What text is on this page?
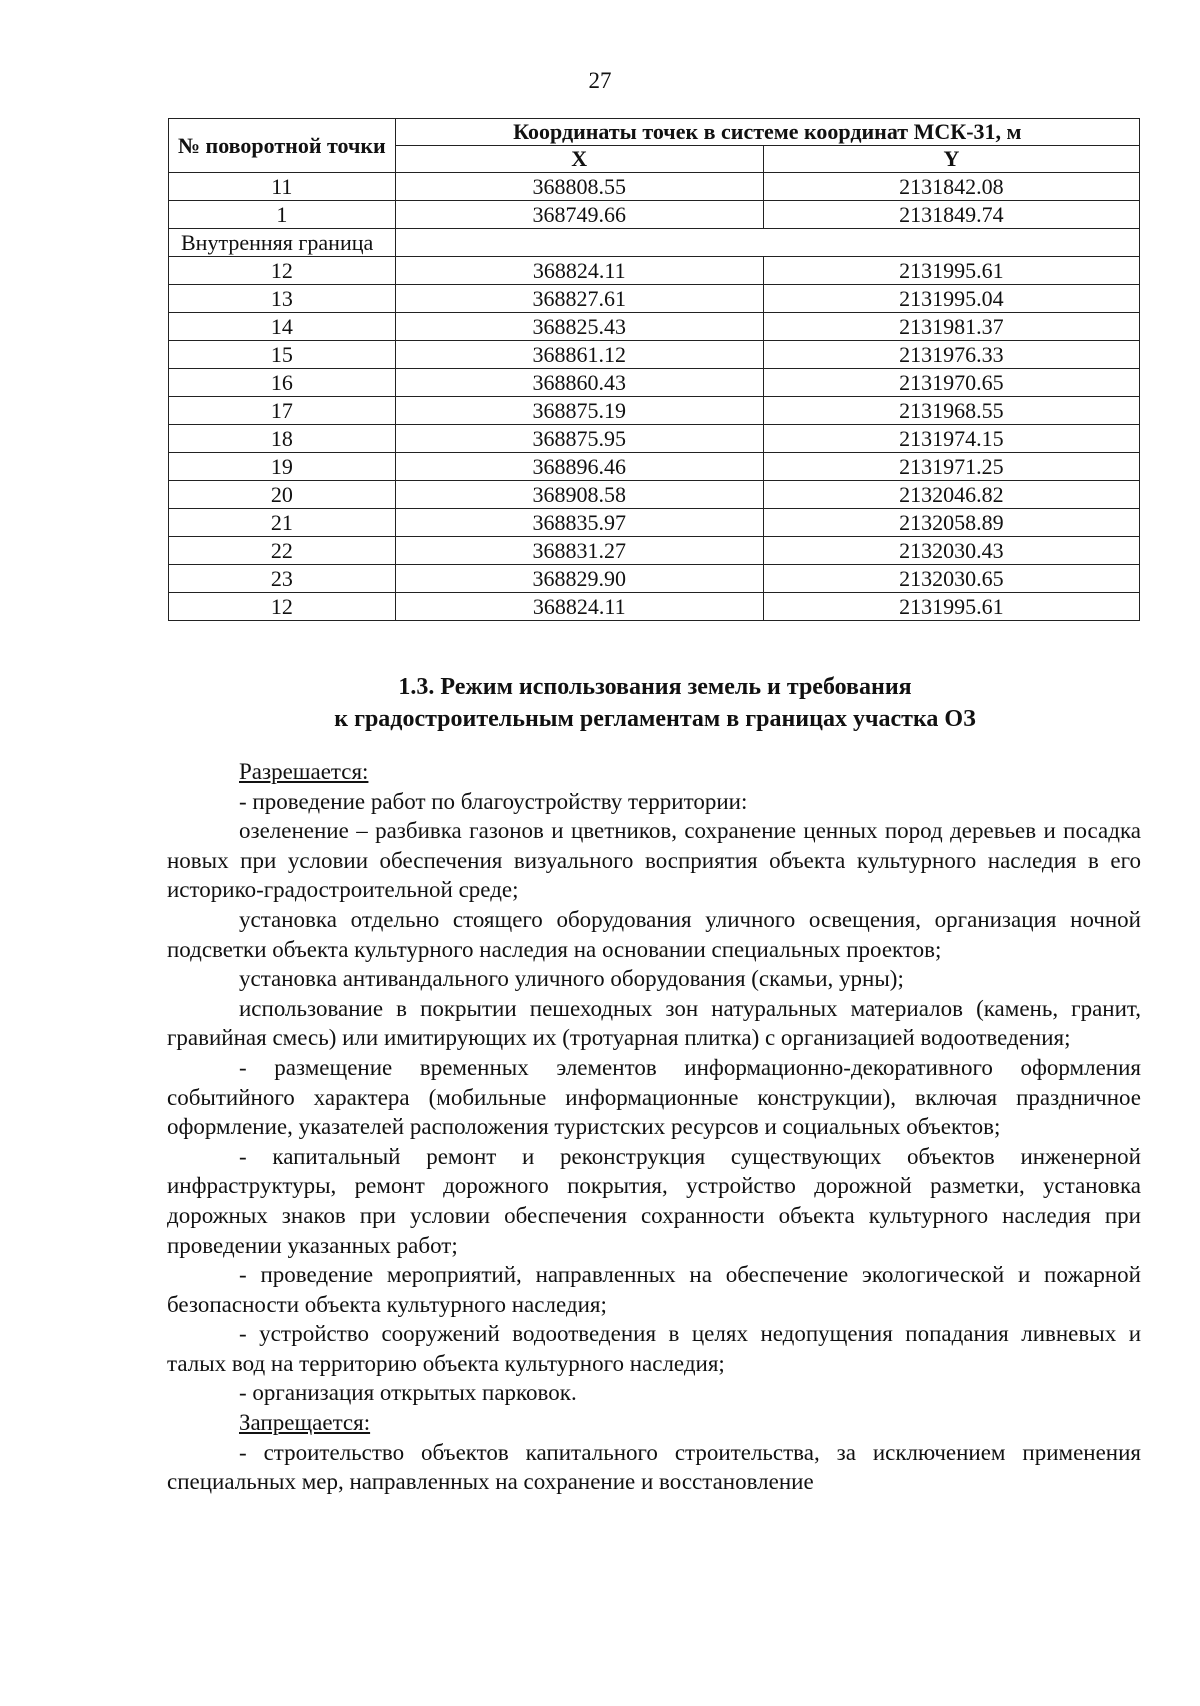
27
№ поворотной точки	Координаты точек в системе координат МСК-31, м	
	X	Y
11	368808.55	2131842.08
1	368749.66	2131849.74
Внутренняя граница		
12	368824.11	2131995.61
13	368827.61	2131995.04
14	368825.43	2131981.37
15	368861.12	2131976.33
16	368860.43	2131970.65
17	368875.19	2131968.55
18	368875.95	2131974.15
19	368896.46	2131971.25
20	368908.58	2132046.82
21	368835.97	2132058.89
22	368831.27	2132030.43
23	368829.90	2132030.65
12	368824.11	2131995.61
1.3. Режим использования земель и требования
к градостроительным регламентам в границах участка ОЗ

Разрешается:

- проведение работ по благоустройству территории:

озеленение – разбивка газонов и цветников, сохранение ценных пород деревьев и посадка новых при условии обеспечения визуального восприятия объекта культурного наследия в его историко-градостроительной среде;

установка отдельно стоящего оборудования уличного освещения, организация ночной подсветки объекта культурного наследия на основании специальных проектов;

установка антивандального уличного оборудования (скамьи, урны);

использование в покрытии пешеходных зон натуральных материалов (камень, гранит, гравийная смесь) или имитирующих их (тротуарная плитка) с организацией водоотведения;

- размещение временных элементов информационно-декоративного оформления событийного характера (мобильные информационные конструкции), включая праздничное оформление, указателей расположения туристских ресурсов и социальных объектов;

- капитальный ремонт и реконструкция существующих объектов инженерной инфраструктуры, ремонт дорожного покрытия, устройство дорожной разметки, установка дорожных знаков при условии обеспечения сохранности объекта культурного наследия при проведении указанных работ;

- проведение мероприятий, направленных на обеспечение экологической и пожарной безопасности объекта культурного наследия;

- устройство сооружений водоотведения в целях недопущения попадания ливневых и талых вод на территорию объекта культурного наследия;

- организация открытых парковок.

Запрещается:

- строительство объектов капитального строительства, за исключением применения специальных мер, направленных на сохранение и восстановление
